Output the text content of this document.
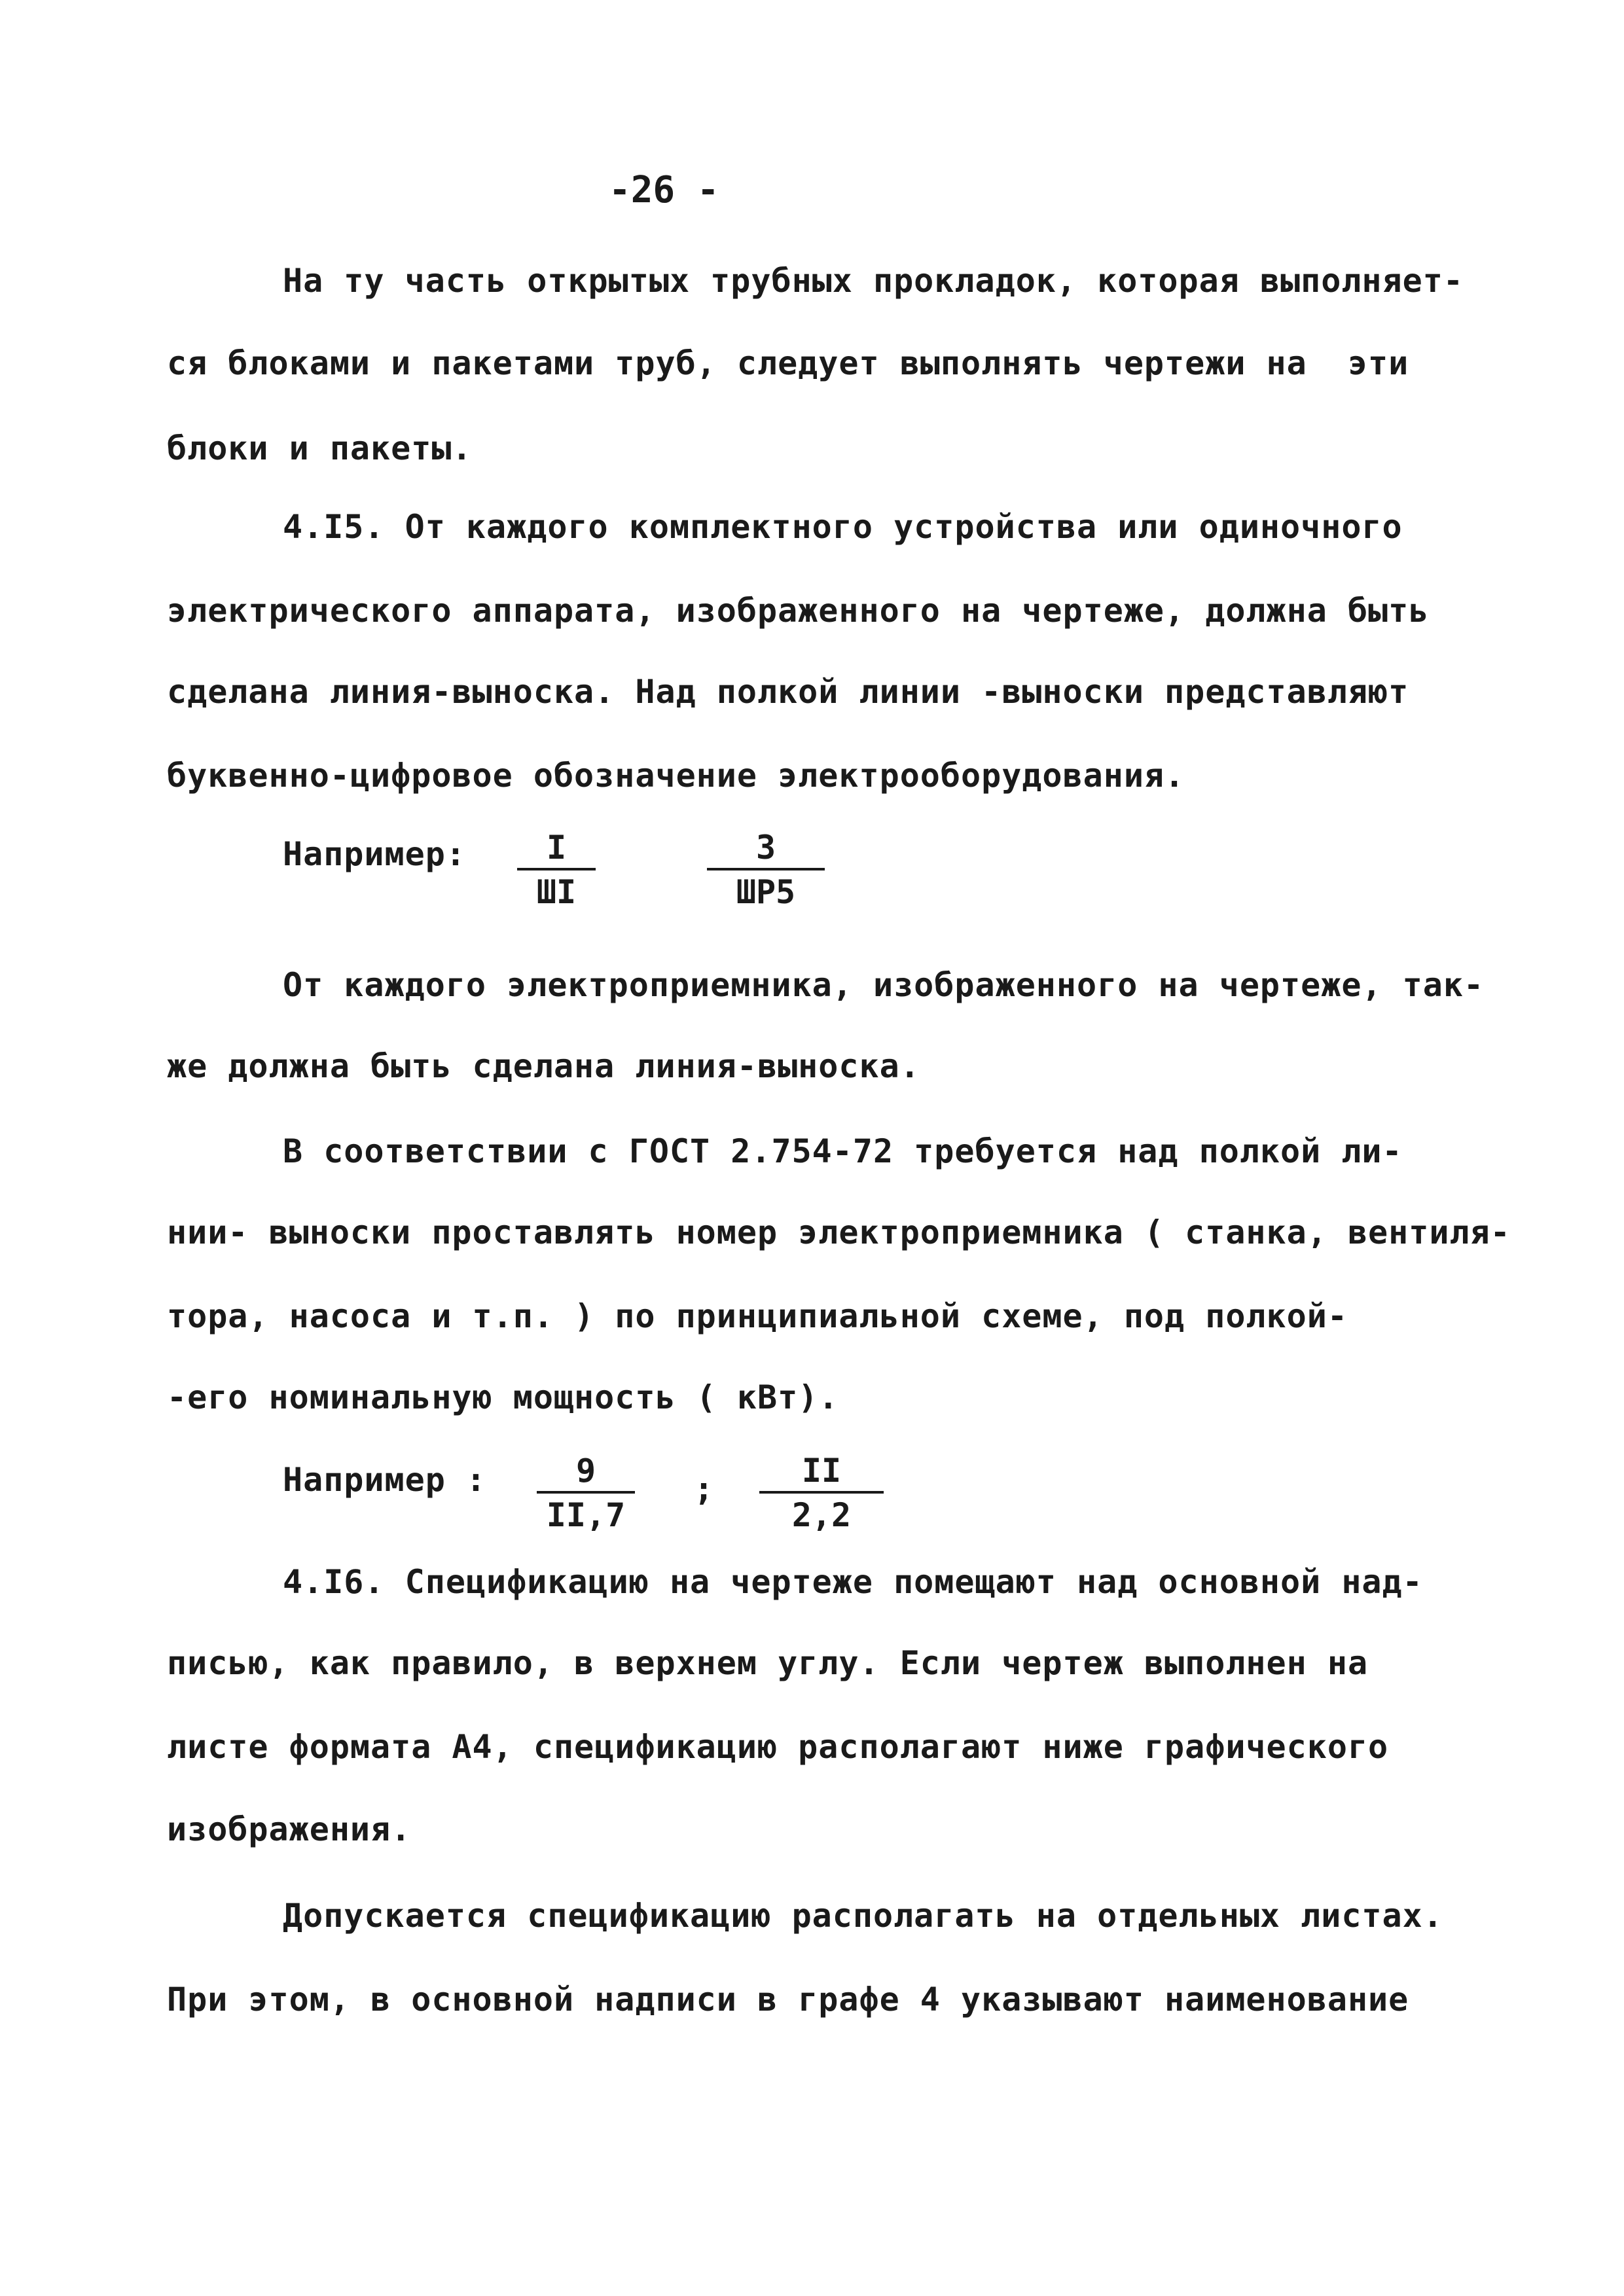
-26 -
На ту часть открытых трубных прокладок, которая выполняет-
ся блоками и пакетами труб, следует выполнять чертежи на  эти
блоки и пакеты.
4.I5. От каждого комплектного устройства или одиночного
электрического аппарата, изображенного на чертеже, должна быть
сделана линия-выноска. Над полкой линии -выноски представляют
буквенно-цифровое обозначение электрооборудования.
Например:	I
ШI
3
ШР5
От каждого электроприемника, изображенного на чертеже, так-
же должна быть сделана линия-выноска.
В соответствии с ГОСТ 2.754-72 требуется над полкой ли-
нии- выноски проставлять номер электроприемника ( станка, вентиля-
тора, насоса и т.п. ) по принципиальной схеме, под полкой-
-его номинальную мощность ( кВт).
Например : $\frac{9}{II,7}$ ; $\frac{II}{2,2}$
4.I6. Спецификацию на чертеже помещают над основной над-
писью, как правило, в верхнем углу. Если чертеж выполнен на
листе формата А4, спецификацию располагают ниже графического
изображения.
Допускается спецификацию располагать на отдельных листах.
При этом, в основной надписи в графе 4 указывают наименование
